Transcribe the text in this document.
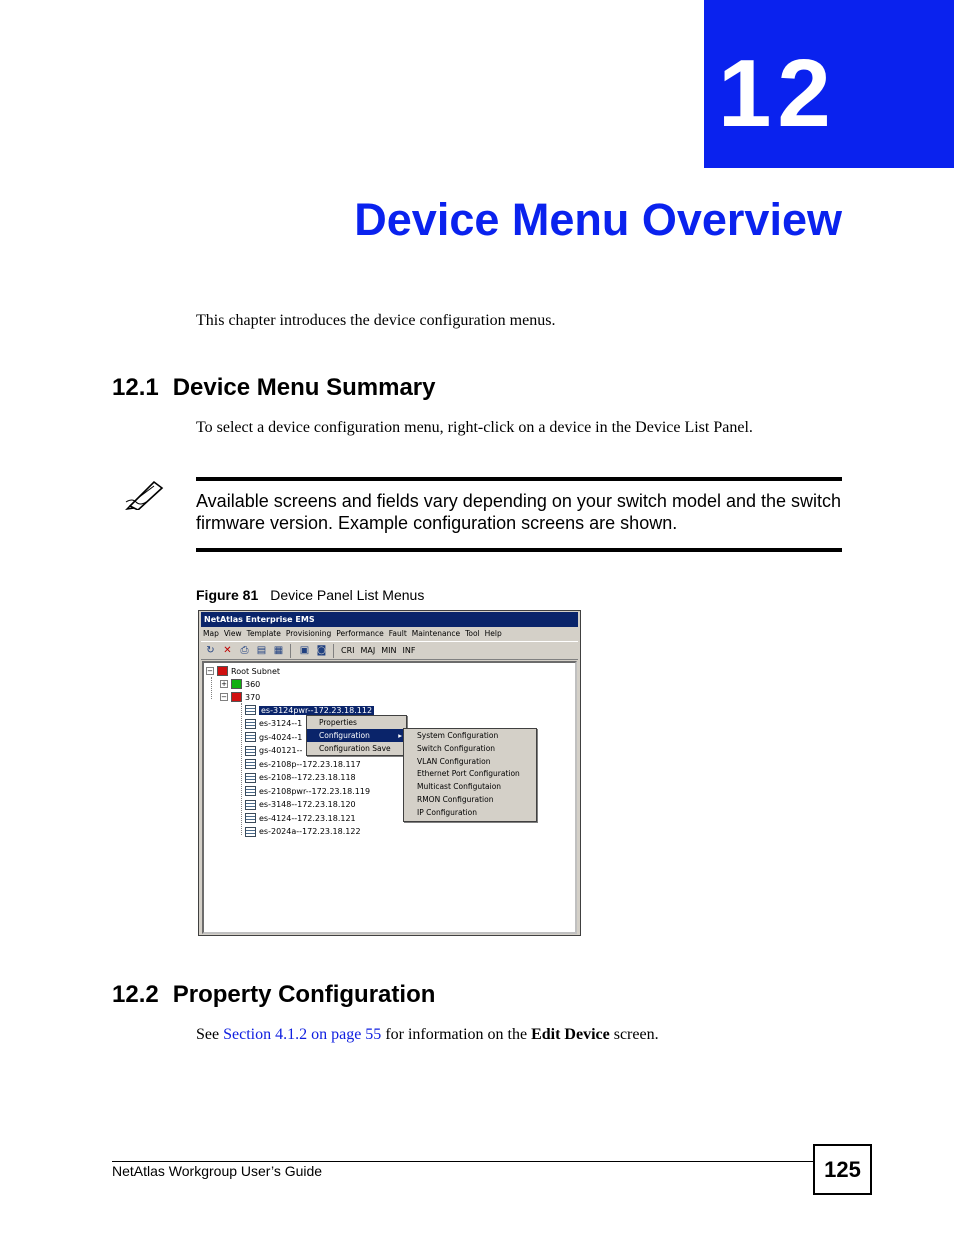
12
Device Menu Overview

This chapter introduces the device configuration menus.

12.1 Device Menu Summary

To select a device configuration menu, right-click on a device in the Device List Panel.

Available screens and fields vary depending on your switch model and the switch firmware version. Example configuration screens are shown.

Figure 81 Device Panel List Menus
NetAtlas Enterprise EMS
Map View Template Provisioning Performance Fault Maintenance Tool Help
↻ ✕ ⎙ ▤ ▦ ▣ ◙	CRI MAJ MIN INF
− Root Subnet
+ 360
− 370
es-3124pwr--172.23.18.112
es-3124--1
gs-4024--1
gs-40121--
es-2108p--172.23.18.117
es-2108--172.23.18.118
es-2108pwr--172.23.18.119
es-3148--172.23.18.120
es-4124--172.23.18.121
es-2024a--172.23.18.122
Properties
Configuration	▸
Configuration Save
System Configuration
Switch Configuration
VLAN Configuration
Ethernet Port Configuration
Multicast Configutaion
RMON Configuration
IP Configuration
12.2 Property Configuration

See Section 4.1.2 on page 55 for information on the Edit Device screen.

NetAtlas Workgroup User’s Guide	125
